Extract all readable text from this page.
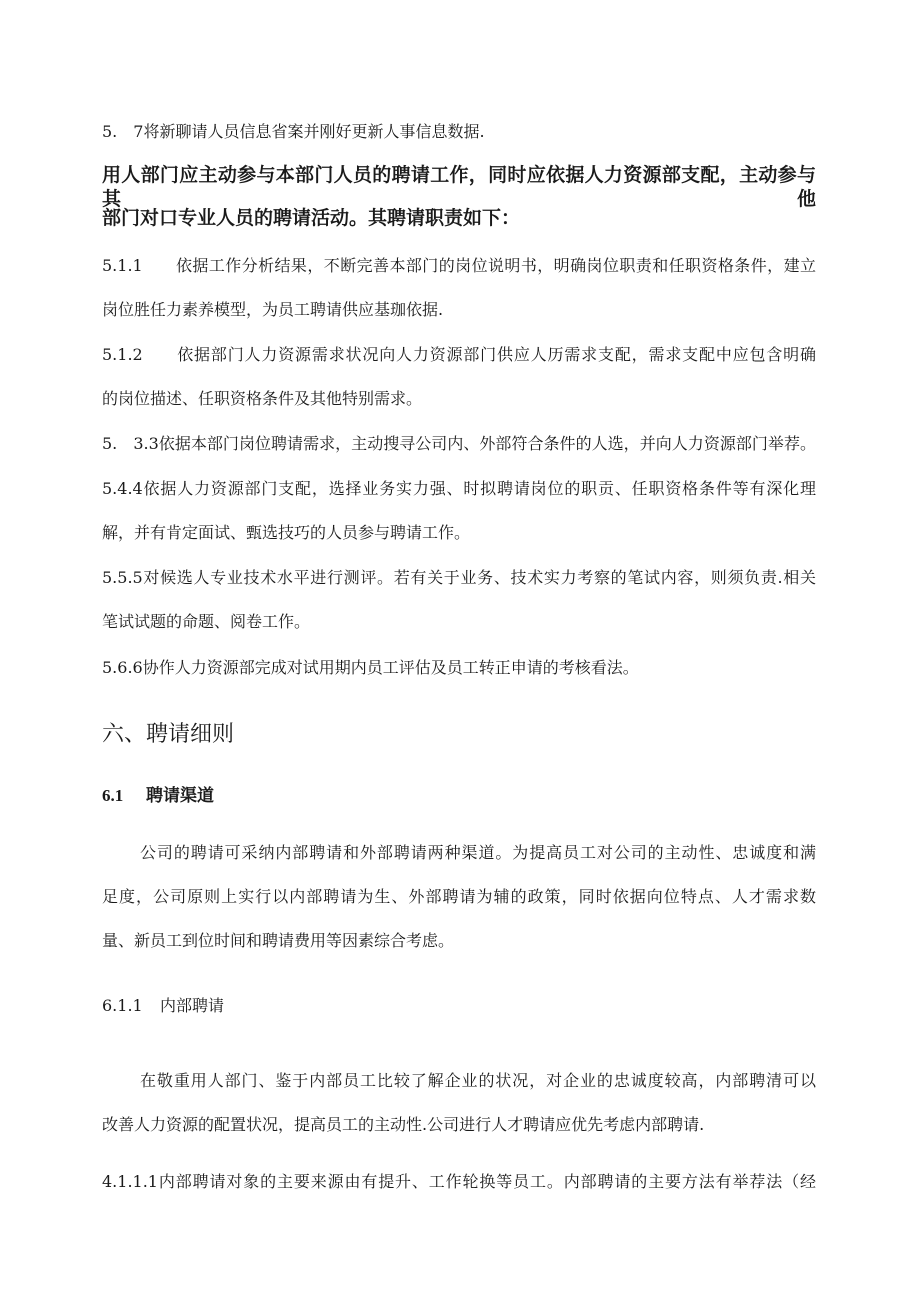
5.　7将新聊请人员信息省案并刚好更新人事信息数据.
用人部门应主动参与本部门人员的聘请工作，同时应依据人力资源部支配，主动参与其他
部门对口专业人员的聘请活动。其聘请职责如下：
5.1.1　　依据工作分析结果，不断完善本部门的岗位说明书，明确岗位职责和任职资格条件，建立
岗位胜任力素养模型，为员工聘请供应基珈依据.
5.1.2　　依据部门人力资源需求状况向人力资源部门供应人历需求支配，需求支配中应包含明确
的岗位描述、任职资格条件及其他特别需求。
5.　3.3依据本部门岗位聘请需求，主动搜寻公司内、外部符合条件的人选，并向人力资源部门举荐。
5.4.4依据人力资源部门支配，选择业务实力强、时拟聘请岗位的职贡、任职资格条件等有深化理
解，并有肯定面试、甄选技巧的人员参与聘请工作。
5.5.5对候选人专业技术水平进行测评。若有关于业务、技术实力考察的笔试内容，则须负责.相关
笔试试题的命题、阅卷工作。
5.6.6协作人力资源部完成对试用期内员工评估及员工转正申请的考核看法。
六、聘请细则
6.1 聘请渠道
公司的聘请可采纳内部聘请和外部聘请两种渠道。为提高员工对公司的主动性、忠诚度和满
足度，公司原则上实行以内部聘请为生、外部聘请为辅的政策，同时依据向位特点、人才需求数
量、新员工到位时间和聘请费用等因素综合考虑。
6.1.1 内部聘请
在敬重用人部门、鉴于内部员工比较了解企业的状况，对企业的忠诚度较高，内部聘清可以
改善人力资源的配置状况，提高员工的主动性.公司进行人才聘请应优先考虑内部聘请.
4.1.1.1内部聘请对象的主要来源由有提升、工作轮换等员工。内部聘请的主要方法有举荐法（经
